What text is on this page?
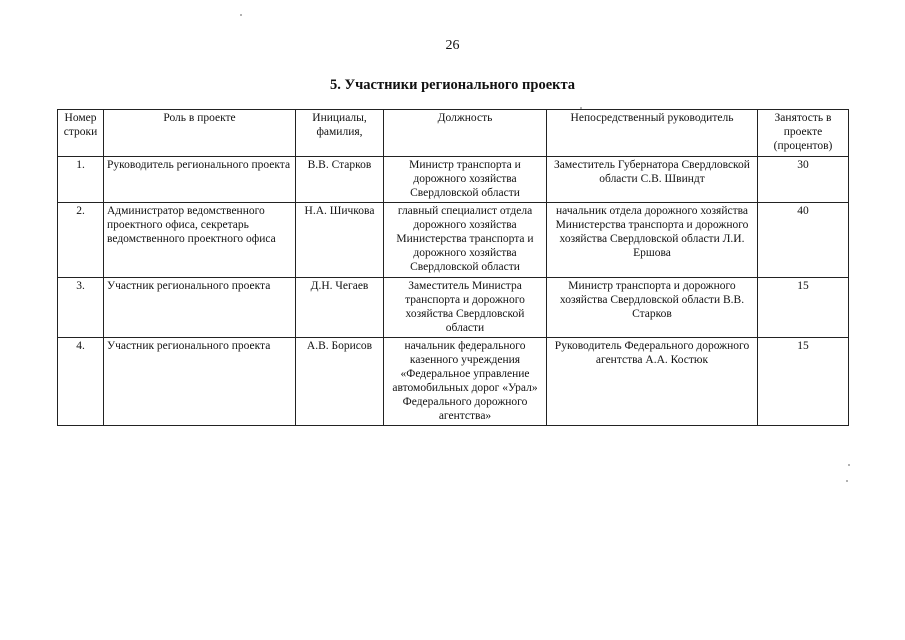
26
5. Участники регионального проекта
Номер строки	Роль в проекте	Инициалы, фамилия,	Должность	Непосредственный руководитель	Занятость в проекте (процентов)
1.	Руководитель регионального проекта	В.В. Старков	Министр транспорта и дорожного хозяйства Свердловской области	Заместитель Губернатора Свердловской области С.В. Швиндт	30
2.	Администратор ведомственного проектного офиса, секретарь ведомственного проектного офиса	Н.А. Шичкова	главный специалист отдела дорожного хозяйства Министерства транспорта и дорожного хозяйства Свердловской области	начальник отдела дорожного хозяйства Министерства транспорта и дорожного хозяйства Свердловской области Л.И. Ершова	40
3.	Участник регионального проекта	Д.Н. Чегаев	Заместитель Министра транспорта и дорожного хозяйства Свердловской области	Министр транспорта и дорожного хозяйства Свердловской области В.В. Старков	15
4.	Участник регионального проекта	А.В. Борисов	начальник федерального казенного учреждения «Федеральное управление автомобильных дорог «Урал» Федерального дорожного агентства»	Руководитель Федерального дорожного агентства А.А. Костюк	15
